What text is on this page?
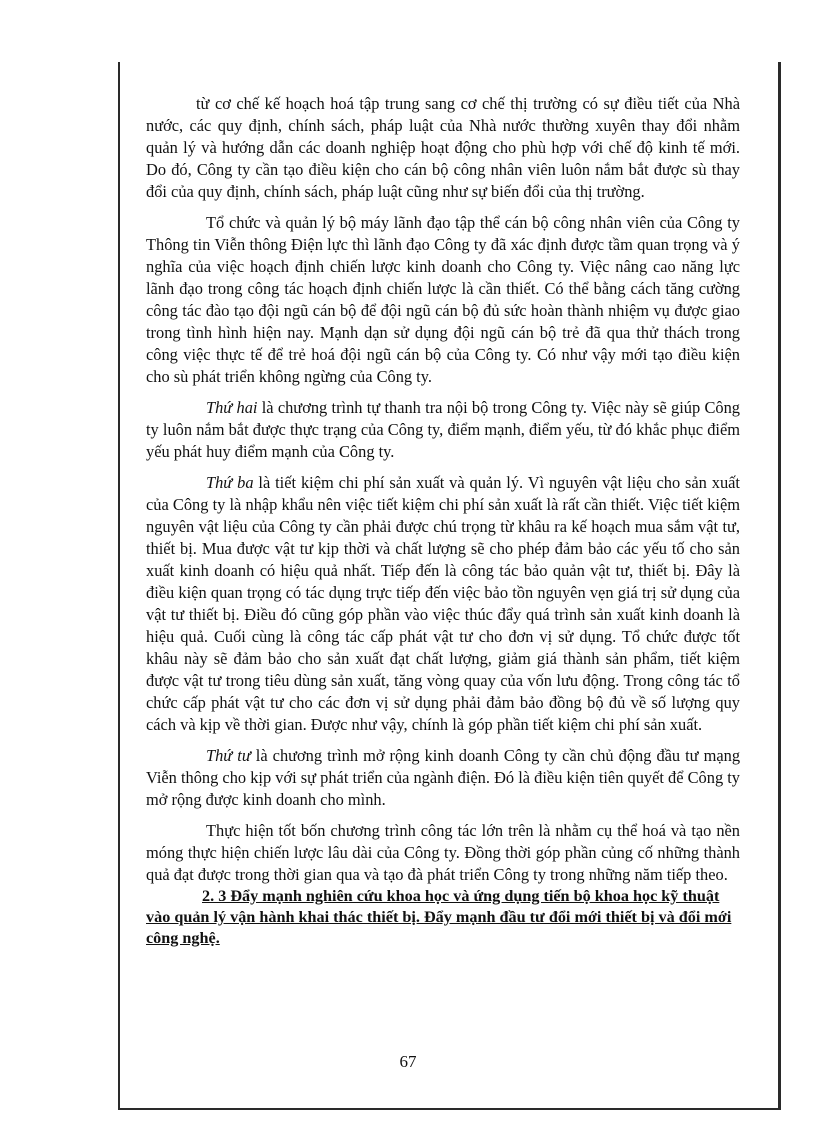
từ cơ chế kế hoạch hoá tập trung sang cơ chế thị trường có sự điều tiết của Nhà nước, các quy định, chính sách, pháp luật của Nhà nước thường xuyên thay đổi nhằm quản lý và hướng dẫn các doanh nghiệp hoạt động cho phù hợp với chế độ kinh tế mới. Do đó, Công ty cần tạo điều kiện cho cán bộ công nhân viên luôn nắm bắt được sù thay đổi của quy định, chính sách, pháp luật cũng như sự biến đổi của thị trường.

Tổ chức và quản lý bộ máy lãnh đạo tập thể cán bộ công nhân viên của Công ty Thông tin Viễn thông Điện lực thì lãnh đạo Công ty đã xác định được tầm quan trọng và ý nghĩa của việc hoạch định chiến lược kinh doanh cho Công ty. Việc nâng cao năng lực lãnh đạo trong công tác hoạch định chiến lược là cần thiết. Có thể bằng cách tăng cường công tác đào tạo đội ngũ cán bộ để đội ngũ cán bộ đủ sức hoàn thành nhiệm vụ được giao trong tình hình hiện nay. Mạnh dạn sử dụng đội ngũ cán bộ trẻ đã qua thử thách trong công việc thực tế để trẻ hoá đội ngũ cán bộ của Công ty. Có như vậy mới tạo điều kiện cho sù phát triển không ngừng của Công ty.

Thứ hai là chương trình tự thanh tra nội bộ trong Công ty. Việc này sẽ giúp Công ty luôn nắm bắt được thực trạng của Công ty, điểm mạnh, điểm yếu, từ đó khắc phục điểm yếu phát huy điểm mạnh của Công ty.

Thứ ba là tiết kiệm chi phí sản xuất và quản lý. Vì nguyên vật liệu cho sản xuất của Công ty là nhập khẩu nên việc tiết kiệm chi phí sản xuất là rất cần thiết. Việc tiết kiệm nguyên vật liệu của Công ty cần phải được chú trọng từ khâu ra kế hoạch mua sắm vật tư, thiết bị. Mua được vật tư kịp thời và chất lượng sẽ cho phép đảm bảo các yếu tố cho sản xuất kinh doanh có hiệu quả nhất. Tiếp đến là công tác bảo quản vật tư, thiết bị. Đây là điều kiện quan trọng có tác dụng trực tiếp đến việc bảo tồn nguyên vẹn giá trị sử dụng của vật tư thiết bị. Điều đó cũng góp phần vào việc thúc đẩy quá trình sản xuất kinh doanh là hiệu quả. Cuối cùng là công tác cấp phát vật tư cho đơn vị sử dụng. Tổ chức được tốt khâu này sẽ đảm bảo cho sản xuất đạt chất lượng, giảm giá thành sản phẩm, tiết kiệm được vật tư trong tiêu dùng sản xuất, tăng vòng quay của vốn lưu động. Trong công tác tổ chức cấp phát vật tư cho các đơn vị sử dụng phải đảm bảo đồng bộ đủ về số lượng quy cách và kịp về thời gian. Được như vậy, chính là góp phần tiết kiệm chi phí sản xuất.

Thứ tư là chương trình mở rộng kinh doanh Công ty cần chủ động đầu tư mạng Viễn thông cho kịp với sự phát triển của ngành điện. Đó là điều kiện tiên quyết để Công ty mở rộng được kinh doanh cho mình.

Thực hiện tốt bốn chương trình công tác lớn trên là nhằm cụ thể hoá và tạo nền móng thực hiện chiến lược lâu dài của Công ty. Đồng thời góp phần củng cố những thành quả đạt được trong thời gian qua và tạo đà phát triển Công ty trong những năm tiếp theo.

2. 3 Đẩy mạnh nghiên cứu khoa học và ứng dụng tiến bộ khoa học kỹ thuật vào quản lý vận hành khai thác thiết bị. Đẩy mạnh đầu tư đổi mới thiết bị và đổi mới công nghệ.

67
